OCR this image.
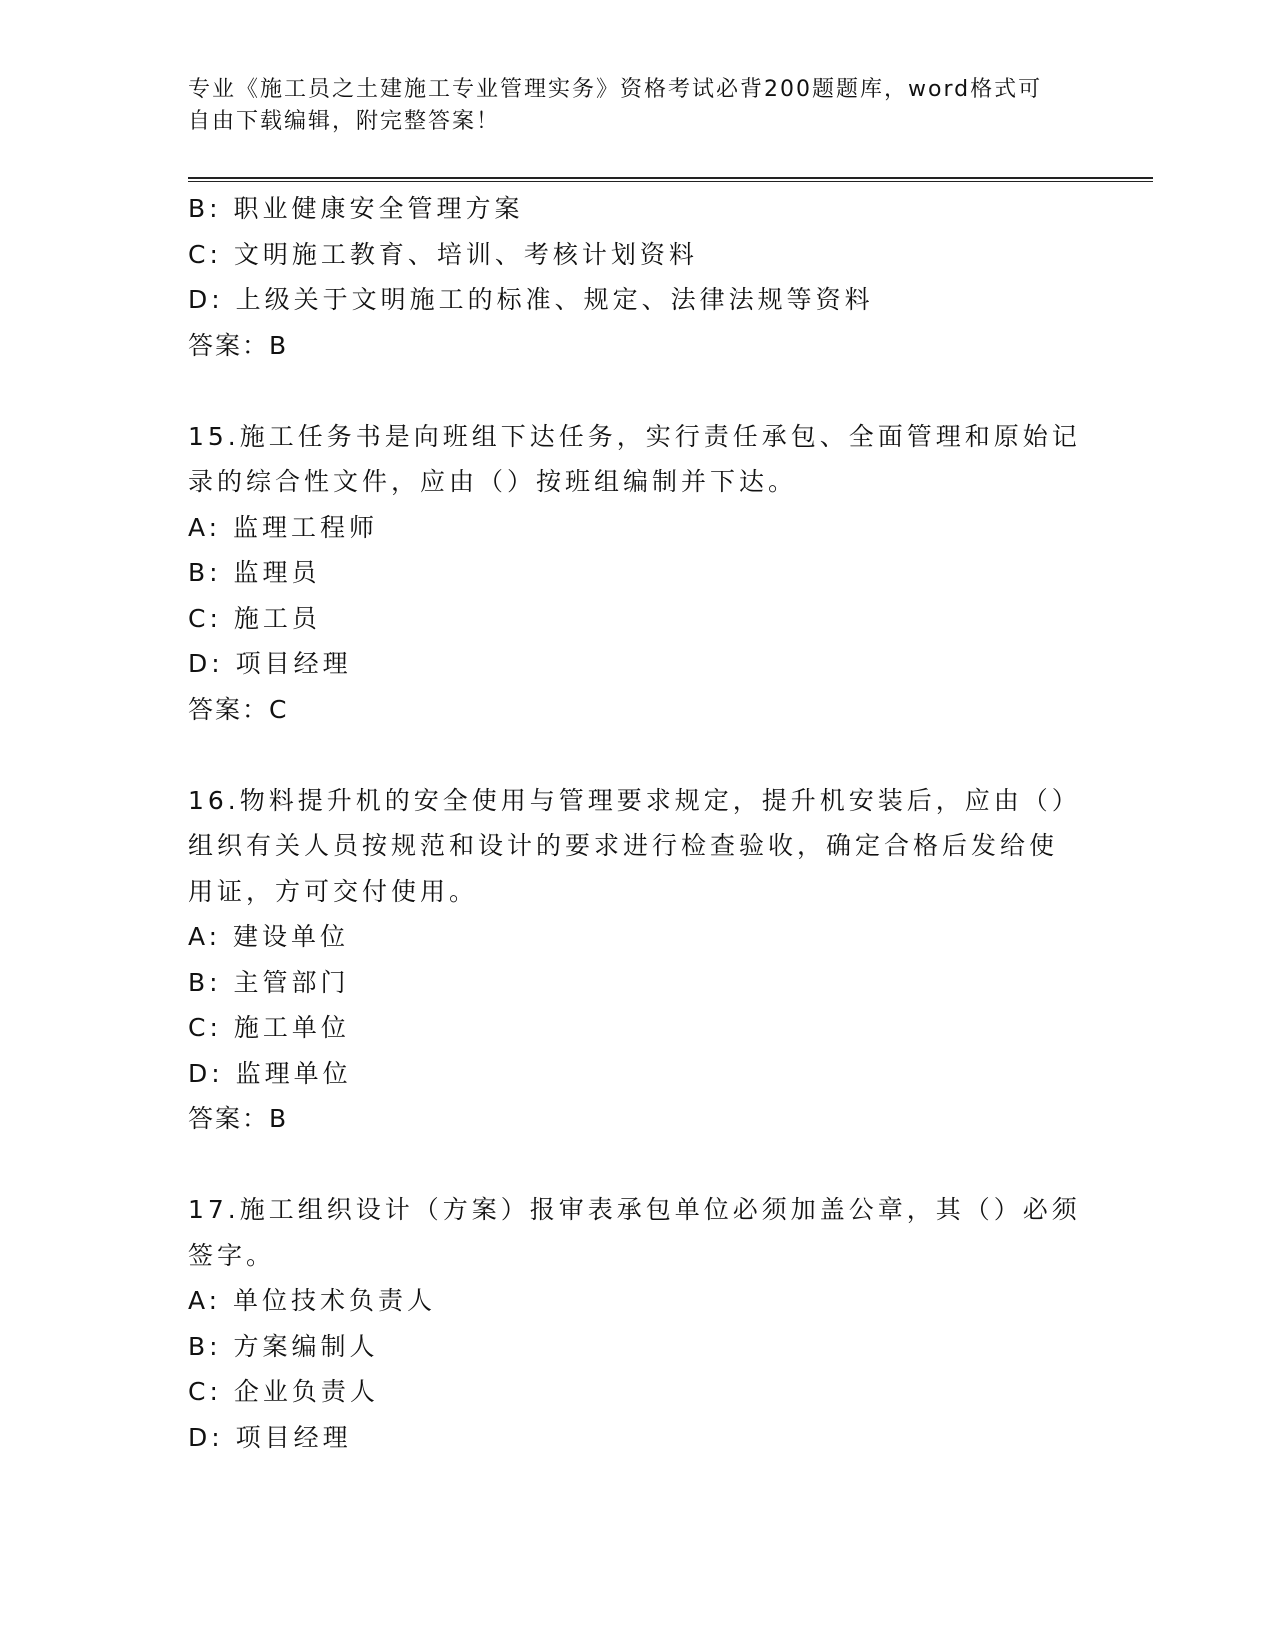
专业《施工员之土建施工专业管理实务》资格考试必背200题题库，word格式可
自由下载编辑，附完整答案！
B: 职业健康安全管理方案
C: 文明施工教育、培训、考核计划资料
D: 上级关于文明施工的标准、规定、法律法规等资料
答案：B
15.施工任务书是向班组下达任务，实行责任承包、全面管理和原始记
录的综合性文件，应由（）按班组编制并下达。
A: 监理工程师
B: 监理员
C: 施工员
D: 项目经理
答案：C
16.物料提升机的安全使用与管理要求规定，提升机安装后，应由（）
组织有关人员按规范和设计的要求进行检查验收，确定合格后发给使
用证，方可交付使用。
A: 建设单位
B: 主管部门
C: 施工单位
D: 监理单位
答案：B
17.施工组织设计（方案）报审表承包单位必须加盖公章，其（）必须
签字。
A: 单位技术负责人
B: 方案编制人
C: 企业负责人
D: 项目经理
